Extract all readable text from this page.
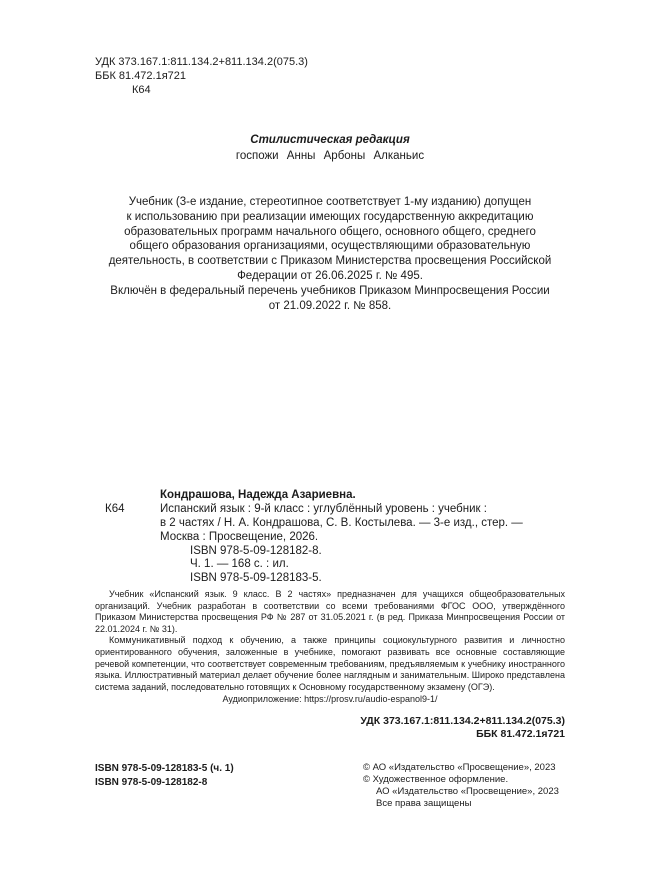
УДК 373.167.1:811.134.2+811.134.2(075.3)
ББК 81.472.1я721
К64
Стилистическая редакция
госпожи Анны Арбоны Алканьис
Учебник (3-е издание, стереотипное соответствует 1-му изданию) допущен
к использованию при реализации имеющих государственную аккредитацию
образовательных программ начального общего, основного общего, среднего
общего образования организациями, осуществляющими образовательную
деятельность, в соответствии с Приказом Министерства просвещения Российской
Федерации от 26.06.2025 г. № 495.
Включён в федеральный перечень учебников Приказом Минпросвещения России
от 21.09.2022 г. № 858.
Кондрашова, Надежда Азариевна.
К64	Испанский язык : 9-й класс : углублённый уровень : учебник :
в 2 частях / Н. А. Кондрашова, С. В. Костылева. — 3-е изд., стер. —
Москва : Просвещение, 2026.
ISBN 978-5-09-128182-8.
Ч. 1. — 168 с. : ил.
ISBN 978-5-09-128183-5.

Учебник «Испанский язык. 9 класс. В 2 частях» предназначен для учащихся общеобразовательных организаций. Учебник разработан в соответствии со всеми требованиями ФГОС ООО, утверждённого Приказом Министерства просвещения РФ № 287 от 31.05.2021 г. (в ред. Приказа Минпросвещения России от 22.01.2024 г. № 31).

Коммуникативный подход к обучению, а также принципы социокультурного развития и личностно ориентированного обучения, заложенные в учебнике, помогают развивать все основные составляющие речевой компетенции, что соответствует современным требованиям, предъявляемым к учебнику иностранного языка. Иллюстративный материал делает обучение более наглядным и занимательным. Широко представлена система заданий, последовательно готовящих к Основному государственному экзамену (ОГЭ).

Аудиоприложение: https://prosv.ru/audio-espanol9-1/
УДК 373.167.1:811.134.2+811.134.2(075.3)
ББК 81.472.1я721
ISBN 978-5-09-128183-5 (ч. 1)
ISBN 978-5-09-128182-8
© АО «Издательство «Просвещение», 2023
© Художественное оформление.
АО «Издательство «Просвещение», 2023
Все права защищены
